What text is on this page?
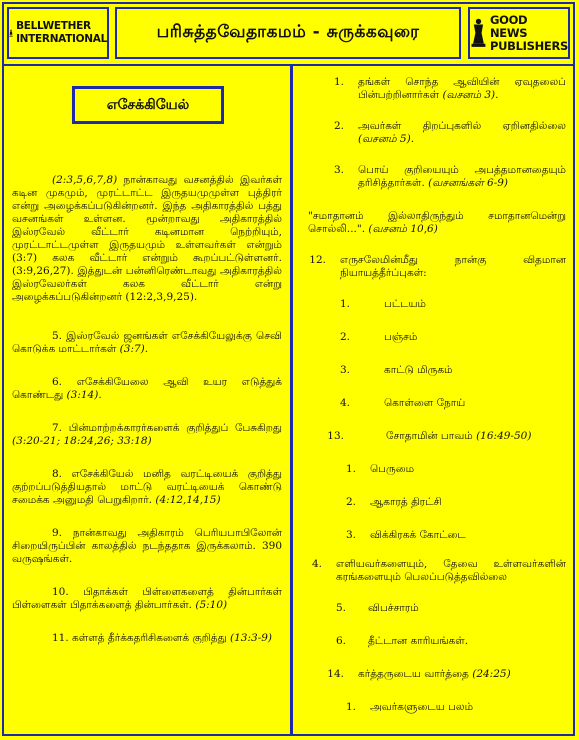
BELLWETHER
INTERNATIONAL	பரிசுத்தவேதாகமம் - சுருக்கவுரை
GOOD NEWS
PUBLISHERS
எசேக்கியேல்

(2:3,5,6,7,8) நான்காவது வசனத்தில் இவர்கள் கடின முகமும், முரட்டாட்ட இருதயமுமுள்ள புத்திரர் என்று அழைக்கப்படுகின்றனர். இந்த அதிகாரத்தில் பத்து வசனங்கள் உள்ளன. மூன்றாவது அதிகாரத்தில் இஸ்ரவேல் வீட்டார் கடினமான நெற்றியும், முரட்டாட்டமுள்ள இருதயமும் உள்ளவர்கள் என்றும் (3:7) கலக வீட்டார் என்றும் கூறப்பட்டுள்ளனர். (3:9,26,27). இத்துடன் பன்னிரெண்டாவது அதிகாரத்தில் இஸ்ரவேலர்கள் கலக வீட்டார் என்று அழைக்கப்படுகின்றனர் (12:2,3,9,25).

5. இஸ்ரவேல் ஜனங்கள் எசேக்கியேலுக்கு செவி கொடுக்க மாட்டார்கள் (3:7).

6. எசேக்கியேலை ஆவி உயர எடுத்துக் கொண்டது (3:14).

7. பின்மாற்றக்காரர்களைக் குறித்துப் பேசுகிறது (3:20-21; 18:24,26; 33:18)

8. எசேக்கியேல் மனித வரட்டியைக் குறித்து குற்றப்படுத்தியதால் மாட்டு வரட்டியைக் கொண்டு சமைக்க அனுமதி பெறுகிறார். (4:12,14,15)

9. நான்காவது அதிகாரம் பெரியபாபிலோன் சிறையிருப்பின் காலத்தில் நடந்ததாக இருக்கலாம். 390 வருஷங்கள்.

10. பிதாக்கள் பிள்ளைகளைத் தின்பார்கள் பிள்ளைகள் பிதாக்களைத் தின்பார்கள். (5:10)

11. கள்ளத் தீர்க்கதரிசிகளைக் குறித்து (13:3-9)

1.	தங்கள் சொந்த ஆவியின் ஏவுதலைப் பின்பற்றினார்கள் (வசனம் 3).
2.	அவர்கள் திறப்புகளில் ஏறினதில்லை (வசனம் 5).
3.	பொய் குறியையும் அபத்தமானதையும் தரிசித்தார்கள். (வசனங்கள் 6-9)
"சமாதானம் இல்லாதிருந்தும் சமாதானமென்று சொல்லி...". (வசனம் 10,6)
12.	எருசலேமின்மீது நான்கு விதமான நியாயத்தீர்ப்புகள்:
1.	பட்டயம்
2.	பஞ்சம்
3.	காட்டு மிருகம்
4.	கொள்ளை நோய்
13.	சோதாமின் பாவம் (16:49-50)
1.	பெருமை
2.	ஆகாரத் திரட்சி
3.	விக்கிரகக் கோட்டை
4.	எளியவர்களையும், தேவை உள்ளவர்களின் கரங்களையும் பெலப்படுத்தவில்லை
5.	விபச்சாரம்
6.	தீட்டான காரியங்கள்.
14.	கர்த்தருடைய வார்த்தை (24:25)
1.	அவர்களுடைய பலம்
